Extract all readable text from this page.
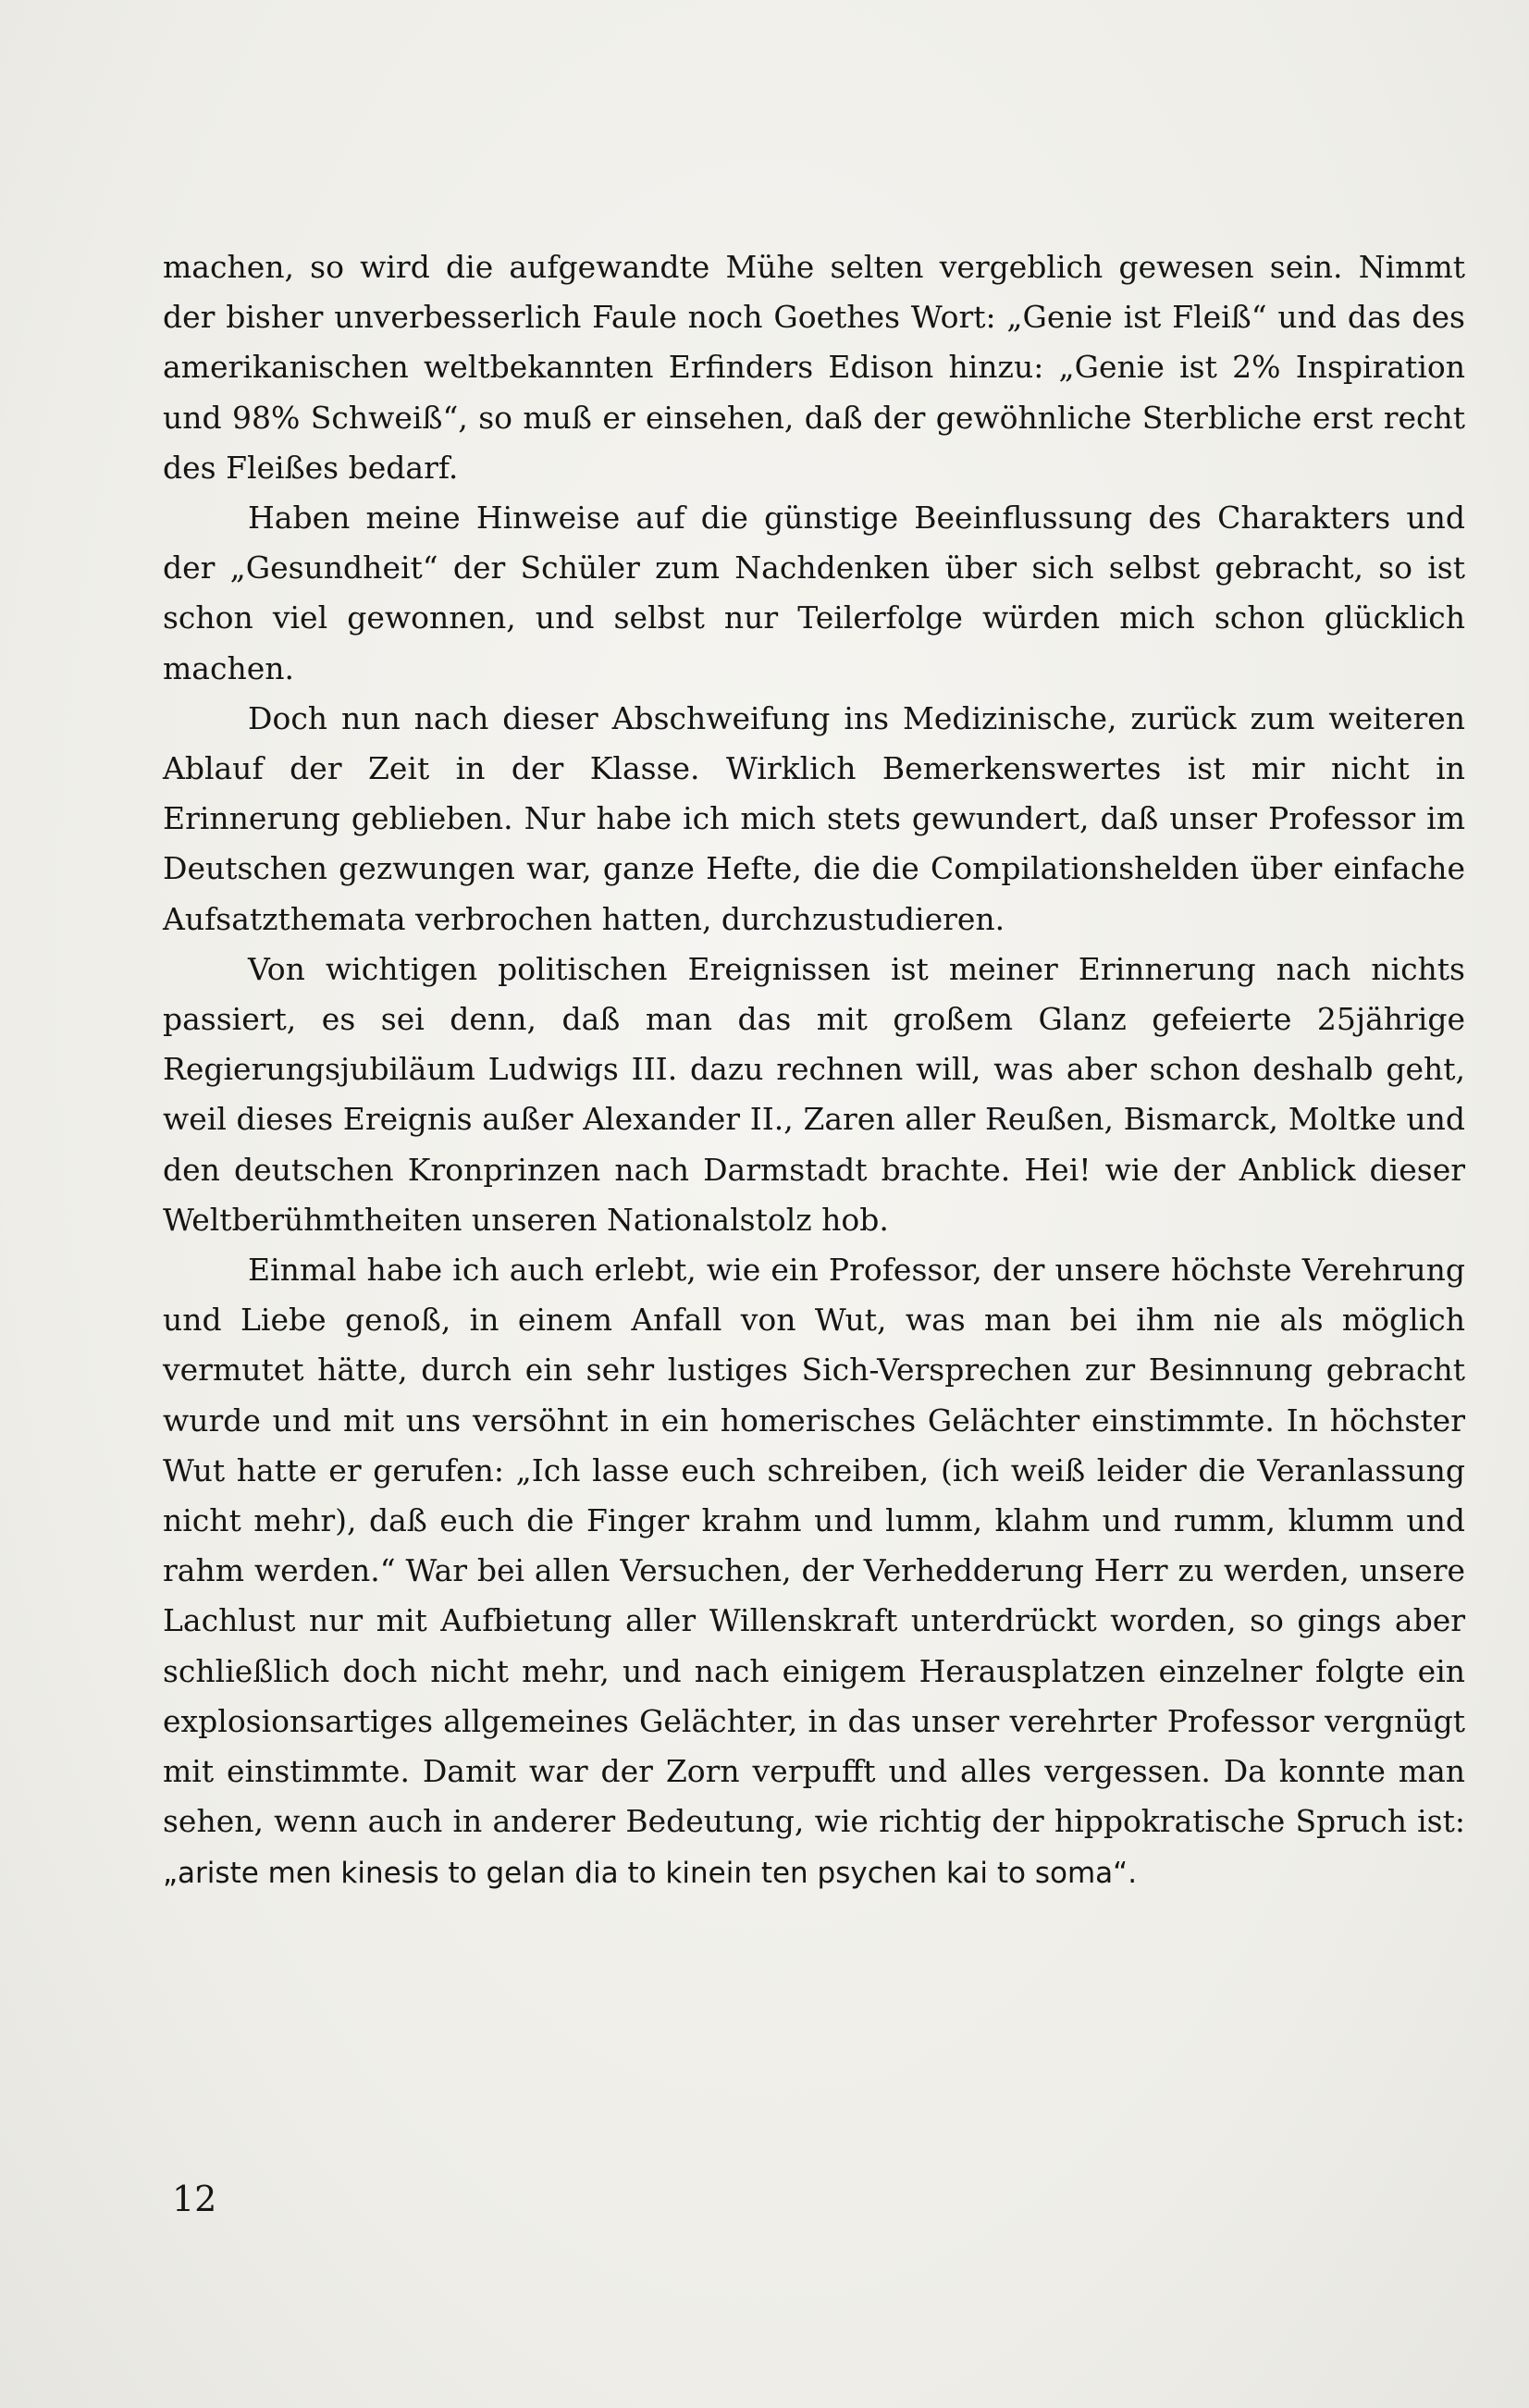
machen, so wird die aufgewandte Mühe selten vergeblich gewesen sein. Nimmt der bisher unverbesserlich Faule noch Goethes Wort: „Genie ist Fleiß“ und das des amerikanischen weltbekannten Erfinders Edison hinzu: „Genie ist 2% Inspiration und 98% Schweiß“, so muß er einsehen, daß der gewöhnliche Sterbliche erst recht des Fleißes bedarf.

Haben meine Hinweise auf die günstige Beeinflussung des Charakters und der „Gesundheit“ der Schüler zum Nachdenken über sich selbst gebracht, so ist schon viel gewonnen, und selbst nur Teilerfolge würden mich schon glücklich machen.

Doch nun nach dieser Abschweifung ins Medizinische, zurück zum weiteren Ablauf der Zeit in der Klasse. Wirklich Bemerkenswertes ist mir nicht in Erinnerung geblieben. Nur habe ich mich stets gewundert, daß unser Professor im Deutschen gezwungen war, ganze Hefte, die die Compilationshelden über einfache Aufsatzthemata verbrochen hatten, durchzustudieren.

Von wichtigen politischen Ereignissen ist meiner Erinnerung nach nichts passiert, es sei denn, daß man das mit großem Glanz gefeierte 25jährige Regierungsjubiläum Ludwigs III. dazu rechnen will, was aber schon deshalb geht, weil dieses Ereignis außer Alexander II., Zaren aller Reußen, Bismarck, Moltke und den deutschen Kronprinzen nach Darmstadt brachte. Hei! wie der Anblick dieser Weltberühmtheiten unseren Nationalstolz hob.

Einmal habe ich auch erlebt, wie ein Professor, der unsere höchste Verehrung und Liebe genoß, in einem Anfall von Wut, was man bei ihm nie als möglich vermutet hätte, durch ein sehr lustiges Sich-Versprechen zur Besinnung gebracht wurde und mit uns versöhnt in ein homerisches Gelächter einstimmte. In höchster Wut hatte er gerufen: „Ich lasse euch schreiben, (ich weiß leider die Veranlassung nicht mehr), daß euch die Finger krahm und lumm, klahm und rumm, klumm und rahm werden.“ War bei allen Versuchen, der Verhedderung Herr zu werden, unsere Lachlust nur mit Aufbietung aller Willenskraft unterdrückt worden, so gings aber schließlich doch nicht mehr, und nach einigem Herausplatzen einzelner folgte ein explosionsartiges allgemeines Gelächter, in das unser verehrter Professor vergnügt mit einstimmte. Damit war der Zorn verpufft und alles vergessen. Da konnte man sehen, wenn auch in anderer Bedeutung, wie richtig der hippokratische Spruch ist: „ariste men kinesis to gelan dia to kinein ten psychen kai to soma“.

12
